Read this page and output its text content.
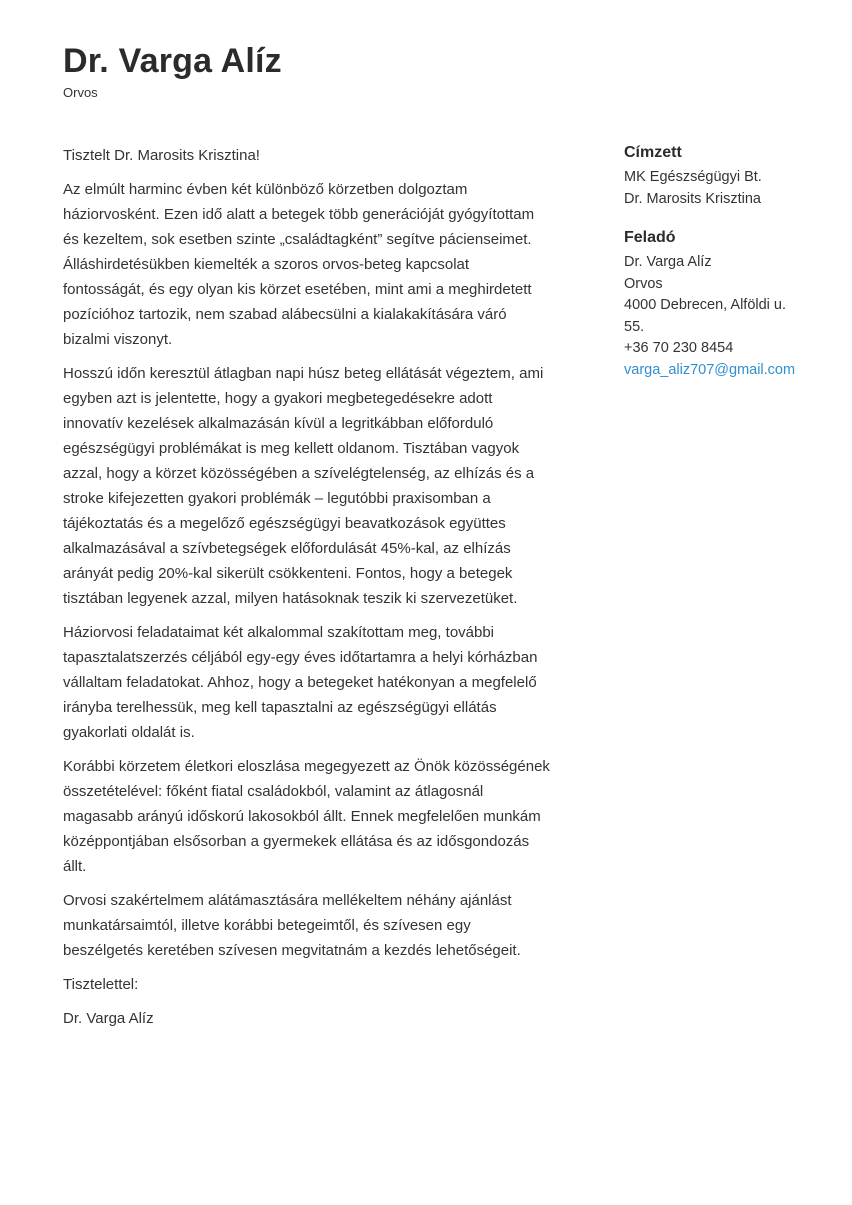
Dr. Varga Alíz
Orvos

Tisztelt Dr. Marosits Krisztina!

Az elmúlt harminc évben két különböző körzetben dolgoztam háziorvosként. Ezen idő alatt a betegek több generációját gyógyítottam és kezeltem, sok esetben szinte „családtagként” segítve pácienseimet. Álláshirdetésükben kiemelték a szoros orvos-beteg kapcsolat fontosságát, és egy olyan kis körzet esetében, mint ami a meghirdetett pozícióhoz tartozik, nem szabad alábecsülni a kialakakítására váró bizalmi viszonyt.

Hosszú időn keresztül átlagban napi húsz beteg ellátását végeztem, ami egyben azt is jelentette, hogy a gyakori megbetegedésekre adott innovatív kezelések alkalmazásán kívül a legritkábban előforduló egészségügyi problémákat is meg kellett oldanom. Tisztában vagyok azzal, hogy a körzet közösségében a szívelégtelenség, az elhízás és a stroke kifejezetten gyakori problémák – legutóbbi praxisomban a tájékoztatás és a megelőző egészségügyi beavatkozások együttes alkalmazásával a szívbetegségek előfordulását 45%-kal, az elhízás arányát pedig 20%-kal sikerült csökkenteni. Fontos, hogy a betegek tisztában legyenek azzal, milyen hatásoknak teszik ki szervezetüket.

Háziorvosi feladataimat két alkalommal szakítottam meg, további tapasztalatszerzés céljából egy-egy éves időtartamra a helyi kórházban vállaltam feladatokat. Ahhoz, hogy a betegeket hatékonyan a megfelelő irányba terelhessük, meg kell tapasztalni az egészségügyi ellátás gyakorlati oldalát is.

Korábbi körzetem életkori eloszlása megegyezett az Önök közösségének összetételével: főként fiatal családokból, valamint az átlagosnál magasabb arányú időskorú lakosokból állt. Ennek megfelelően munkám középpontjában elsősorban a gyermekek ellátása és az idősgondozás állt.

Orvosi szakértelmem alátámasztására mellékeltem néhány ajánlást munkatársaimtól, illetve korábbi betegeimtől, és szívesen egy beszélgetés keretében szívesen megvitatnám a kezdés lehetőségeit.

Tisztelettel:

Dr. Varga Alíz

Címzett
MK Egészségügyi Bt.
Dr. Marosits Krisztina
Feladó
Dr. Varga Alíz
Orvos
4000 Debrecen, Alföldi u.
55.
+36 70 230 8454
varga_aliz707@gmail.com
